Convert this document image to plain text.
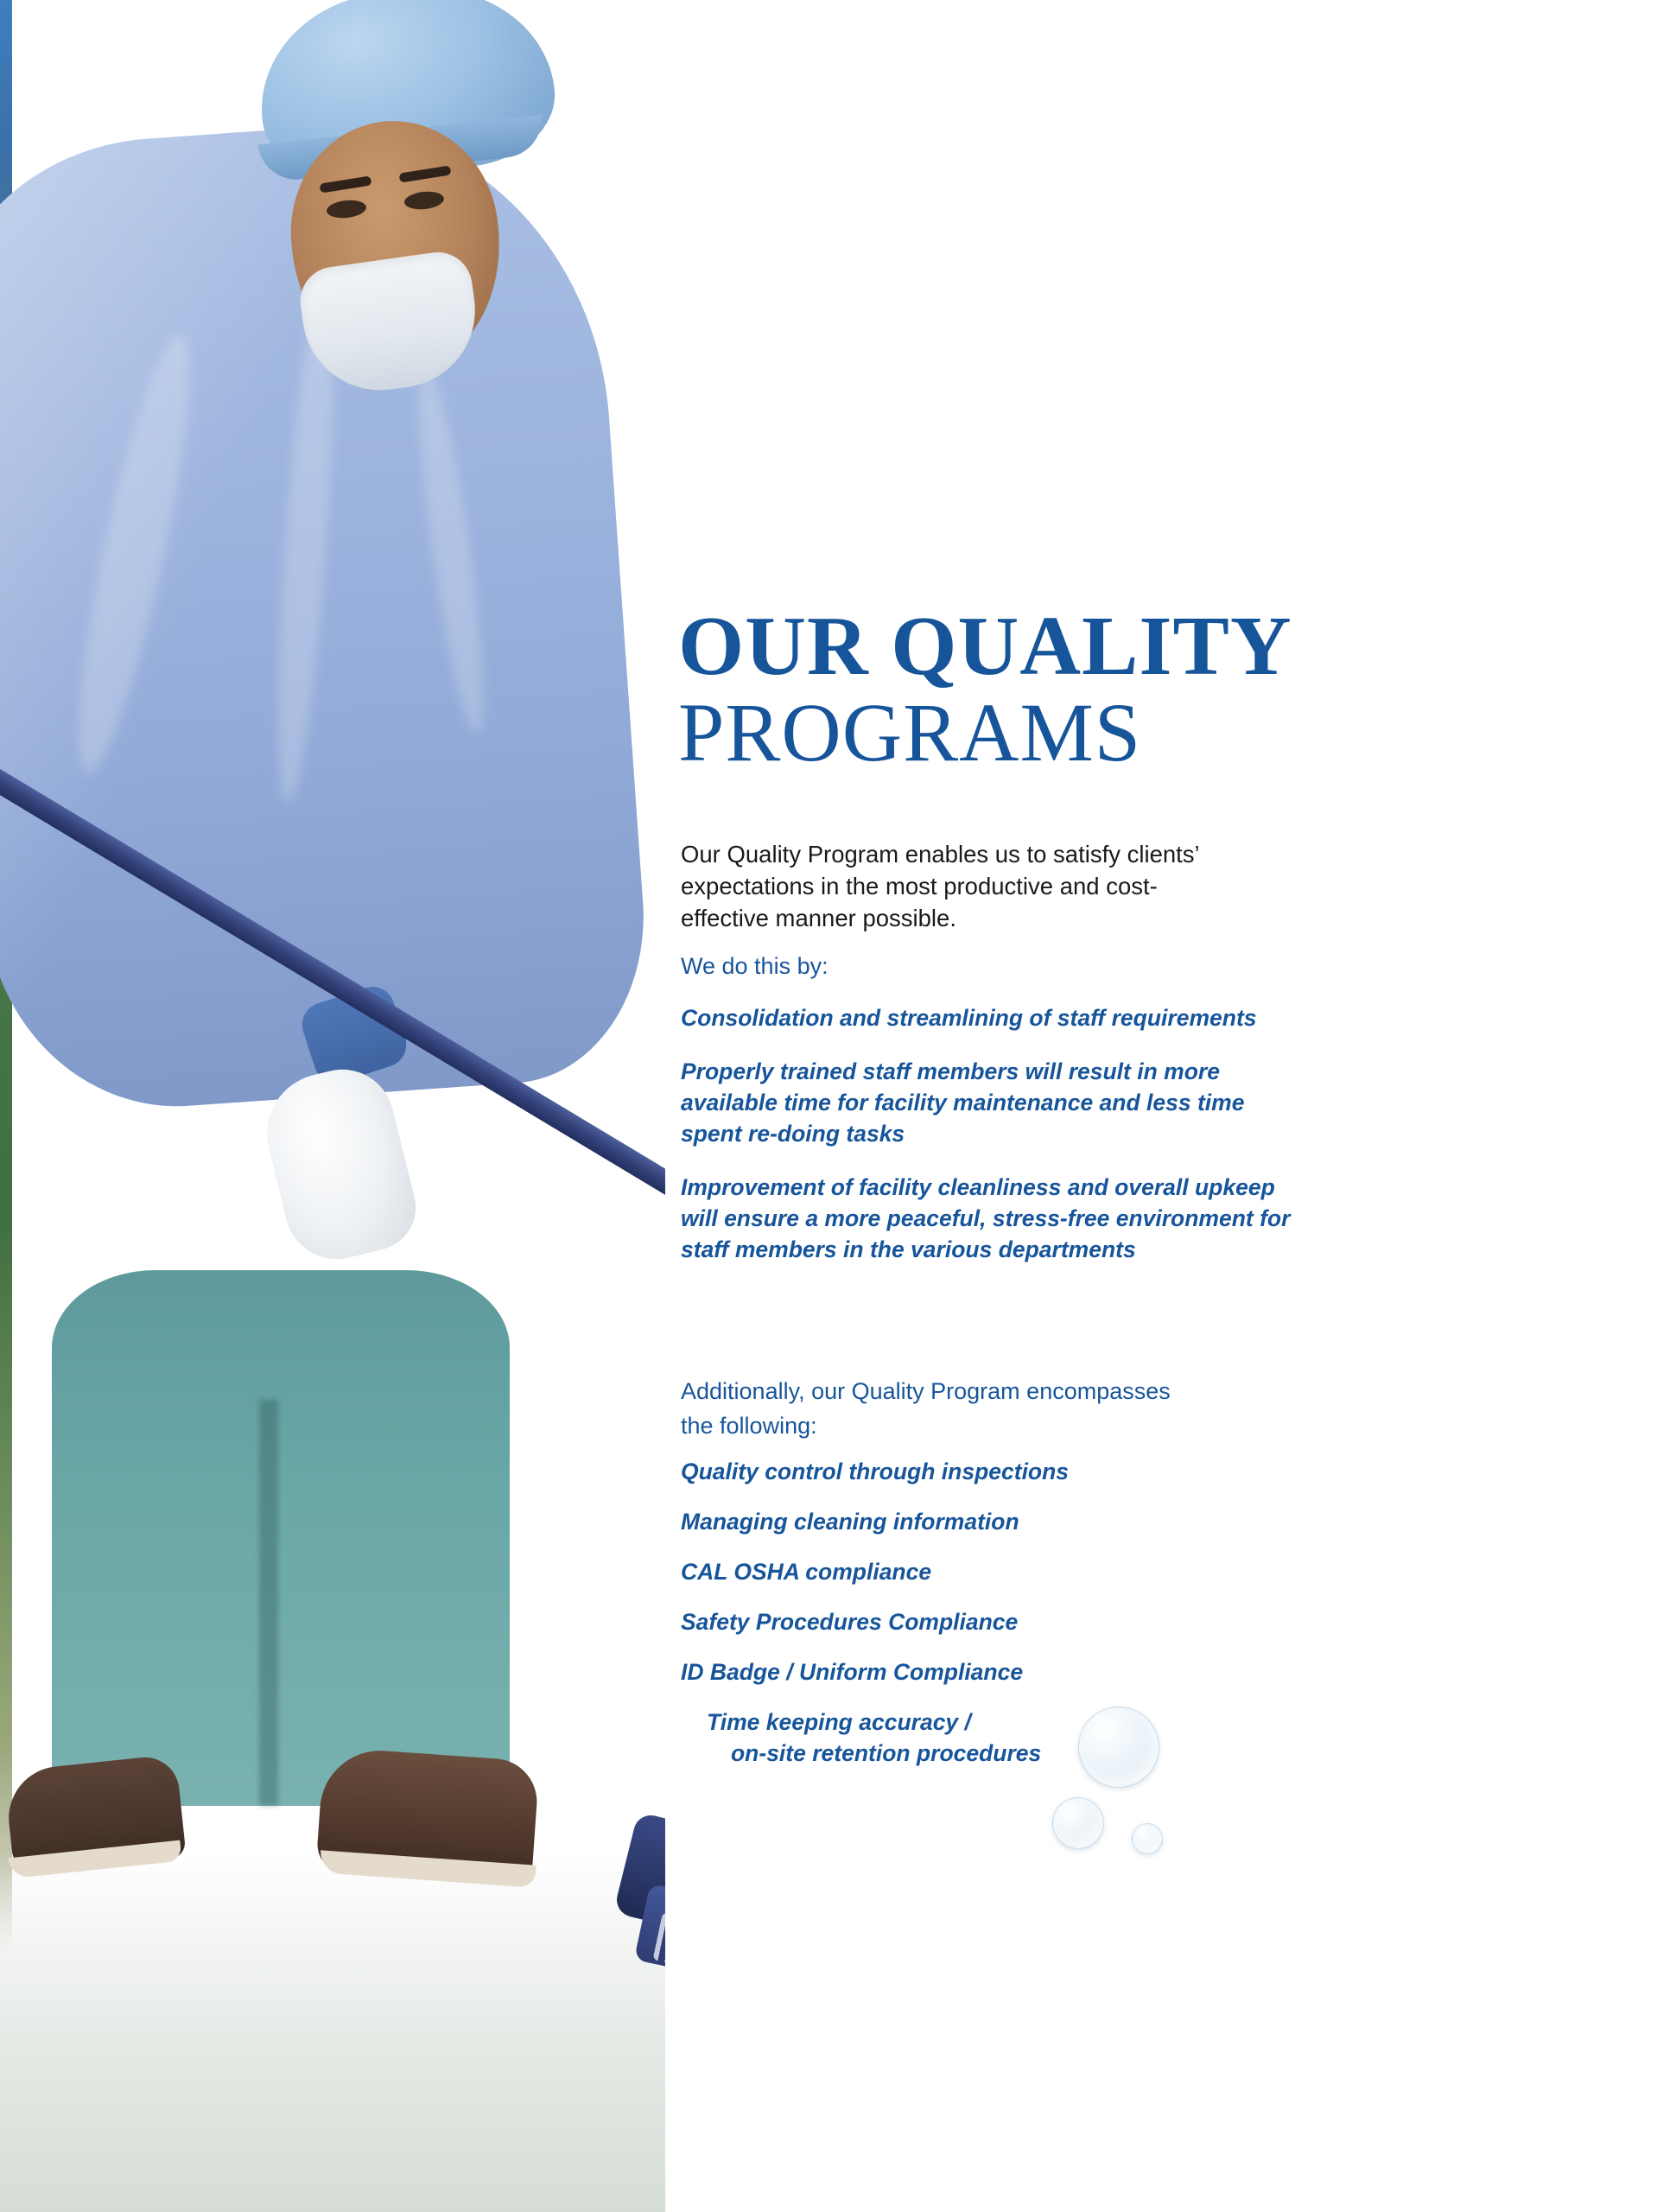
OUR QUALITY
PROGRAMS

Our Quality Program enables us to satisfy clients’ expectations in the most productive and cost-effective manner possible.

We do this by:
Consolidation and streamlining of staff requirements
Properly trained staff members will result in more available time for facility maintenance and less time spent re-doing tasks
Improvement of facility cleanliness and overall upkeep will ensure a more peaceful, stress-free environment for staff members in the various departments
Additionally, our Quality Program encompasses the following:
Quality control through inspections
Managing cleaning information
CAL OSHA compliance
Safety Procedures Compliance
ID Badge / Uniform Compliance
Time keeping accuracy /
on-site retention procedures
